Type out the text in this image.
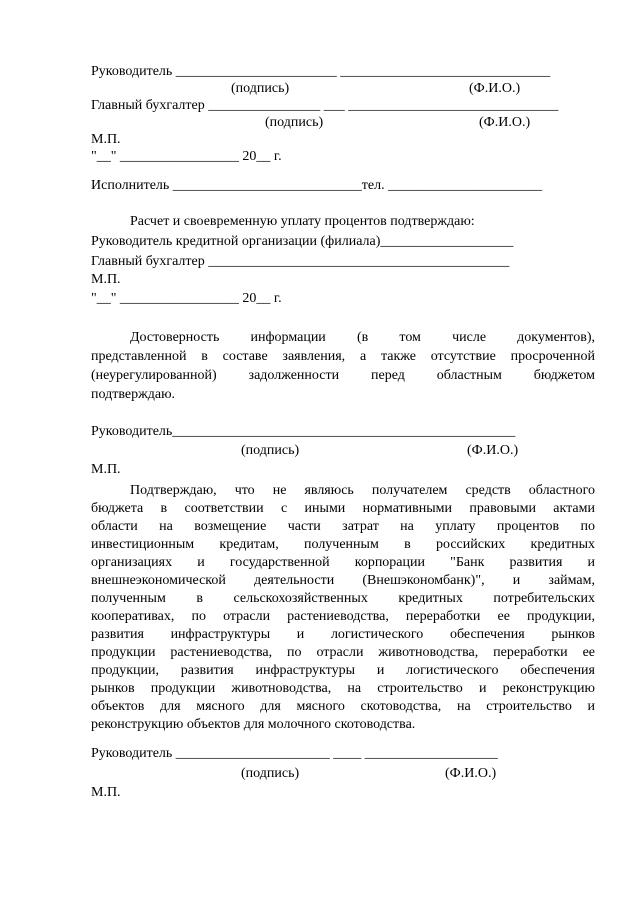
Руководитель _______________________ ______________________________
(подпись)	(Ф.И.О.)
Главный бухгалтер ________________ ___ ______________________________
(подпись)	(Ф.И.О.)
М.П.
"__" _________________ 20__ г.
Исполнитель ___________________________тел. ______________________
Расчет и своевременную уплату процентов подтверждаю:
Руководитель кредитной организации (филиала)___________________
Главный бухгалтер ___________________________________________
М.П.
"__" _________________ 20__ г.
Достоверность информации (в том числе документов),
представленной в составе заявления, а также отсутствие просроченной
(неурегулированной) задолженности перед областным бюджетом
подтверждаю.
Руководитель_________________________________________________
(подпись)	(Ф.И.О.)
М.П.
Подтверждаю, что не являюсь получателем средств областного
бюджета в соответствии с иными нормативными правовыми актами
области на возмещение части затрат на уплату процентов по
инвестиционным кредитам, полученным в российских кредитных
организациях и государственной корпорации "Банк развития и
внешнеэкономической деятельности (Внешэкономбанк)", и займам,
полученным в сельскохозяйственных кредитных потребительских
кооперативах, по отрасли растениеводства, переработки ее продукции,
развития инфраструктуры и логистического обеспечения рынков
продукции растениеводства, по отрасли животноводства, переработки ее
продукции, развития инфраструктуры и логистического обеспечения
рынков продукции животноводства, на строительство и реконструкцию
объектов для мясного для мясного скотоводства, на строительство и
реконструкцию объектов для молочного скотоводства.
Руководитель ______________________ ____ ___________________
(подпись)	(Ф.И.О.)
М.П.
